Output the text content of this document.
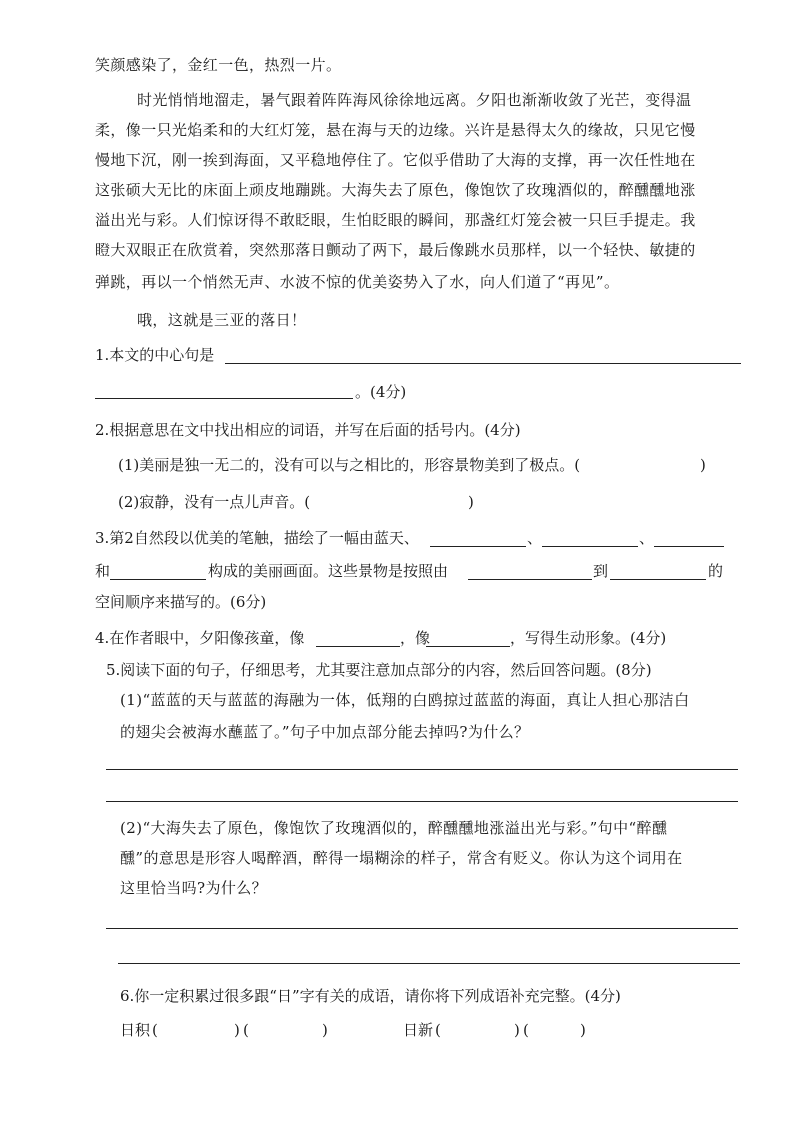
笑颜感染了，金红一色，热烈一片。
时光悄悄地溜走，暑气跟着阵阵海风徐徐地远离。夕阳也渐渐收敛了光芒，变得温
柔，像一只光焰柔和的大红灯笼，悬在海与天的边缘。兴许是悬得太久的缘故，只见它慢
慢地下沉，刚一挨到海面，又平稳地停住了。它似乎借助了大海的支撑，再一次任性地在
这张硕大无比的床面上顽皮地蹦跳。大海失去了原色，像饱饮了玫瑰酒似的，醉醺醺地涨
溢出光与彩。人们惊讶得不敢眨眼，生怕眨眼的瞬间，那盏红灯笼会被一只巨手提走。我
瞪大双眼正在欣赏着，突然那落日颤动了两下，最后像跳水员那样，以一个轻快、敏捷的
弹跳，再以一个悄然无声、水波不惊的优美姿势入了水，向人们道了“再见”。
哦，这就是三亚的落日！
1.本文的中心句是
。(4分)
2.根据意思在文中找出相应的词语，并写在后面的括号内。(4分)
(1)美丽是独一无二的，没有可以与之相比的，形容景物美到了极点。(	)
(2)寂静，没有一点儿声音。(	)
3.第2自然段以优美的笔触，描绘了一幅由蓝天、	、	、
和	构成的美丽画面。这些景物是按照由	到	的
空间顺序来描写的。(6分)
4.在作者眼中，夕阳像孩童，像	，像	，写得生动形象。(4分)
5.阅读下面的句子，仔细思考，尤其要注意加点部分的内容，然后回答问题。(8分)
(1)“蓝蓝的天与蓝蓝的海融为一体，低翔的白鸥掠过蓝蓝的海面，真让人担心那洁白
的翅尖会被海水蘸蓝了。”句子中加点部分能去掉吗?为什么？
(2)“大海失去了原色，像饱饮了玫瑰酒似的，醉醺醺地涨溢出光与彩。”句中“醉醺
醺”的意思是形容人喝醉酒，醉得一塌糊涂的样子，常含有贬义。你认为这个词用在
这里恰当吗?为什么？
6.你一定积累过很多跟“日”字有关的成语，请你将下列成语补充完整。(4分)
日积 (	) (	)	日新 (	) (	)
